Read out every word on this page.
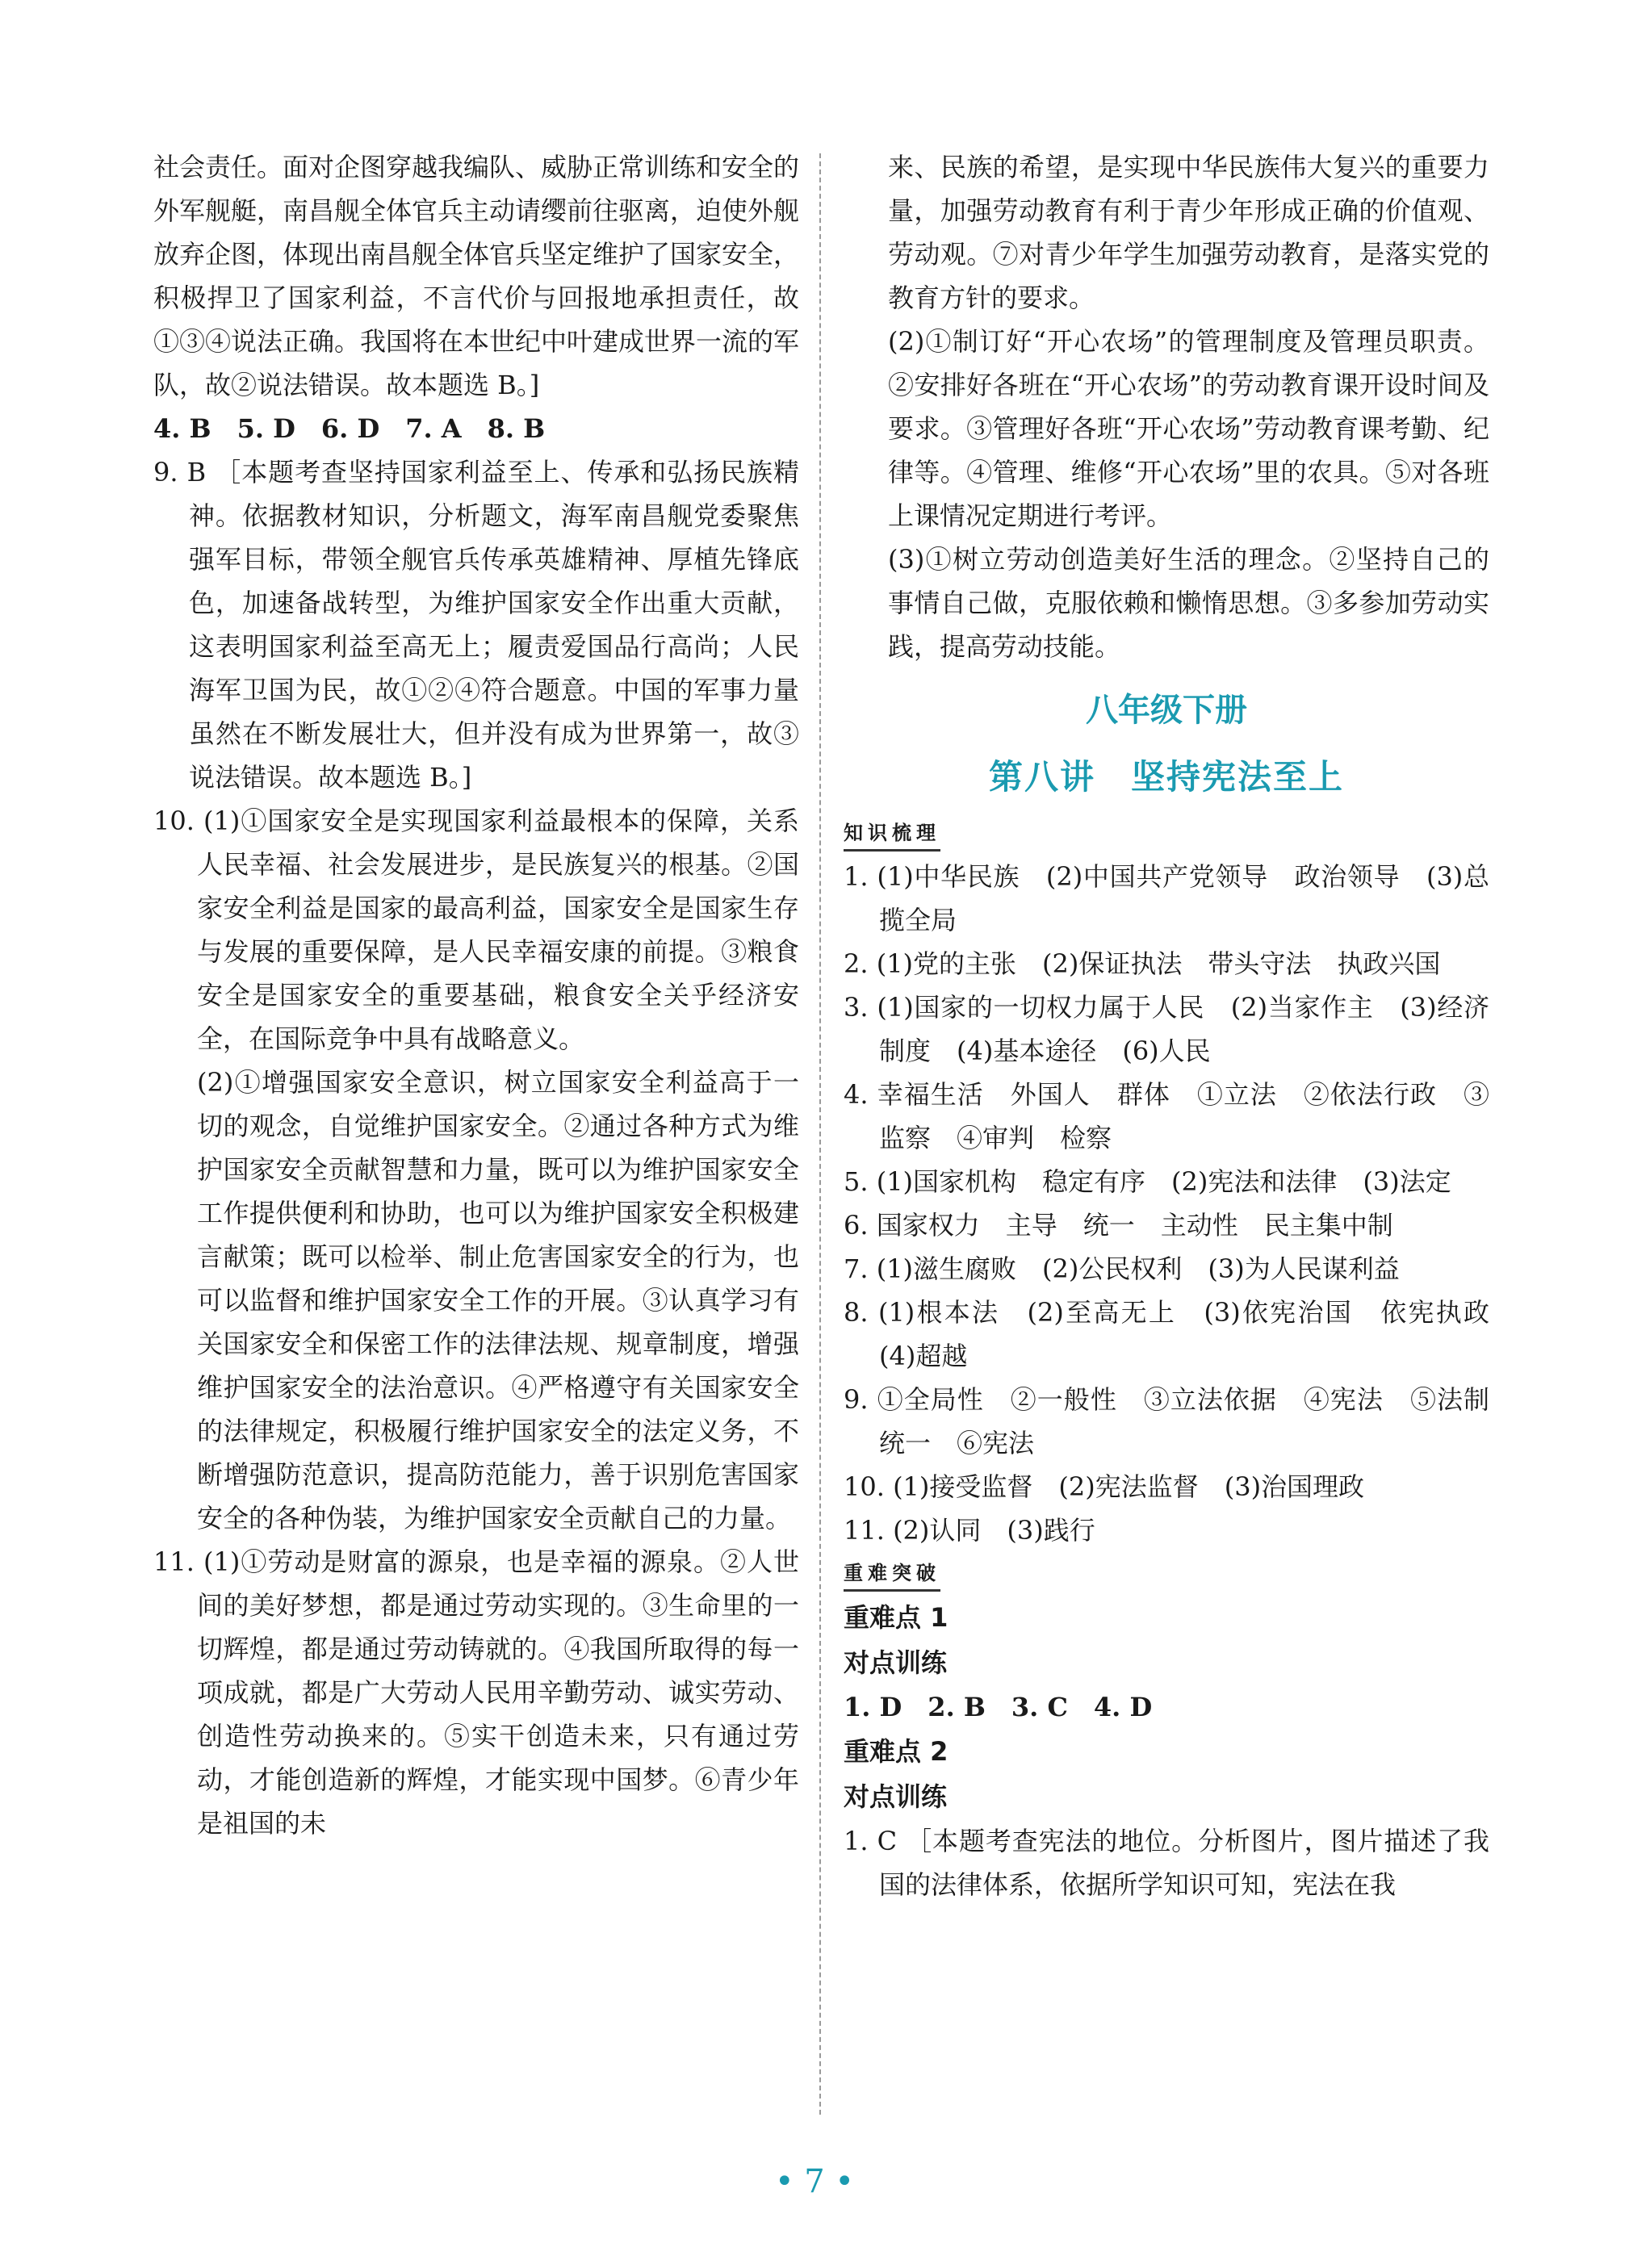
社会责任。面对企图穿越我编队、威胁正常训练和安全的外军舰艇，南昌舰全体官兵主动请缨前往驱离，迫使外舰放弃企图，体现出南昌舰全体官兵坚定维护了国家安全，积极捍卫了国家利益，不言代价与回报地承担责任，故①③④说法正确。我国将在本世纪中叶建成世界一流的军队，故②说法错误。故本题选 B。]

4. B　5. D　6. D　7. A　8. B

9. B ［本题考查坚持国家利益至上、传承和弘扬民族精神。依据教材知识，分析题文，海军南昌舰党委聚焦强军目标，带领全舰官兵传承英雄精神、厚植先锋底色，加速备战转型，为维护国家安全作出重大贡献，这表明国家利益至高无上；履责爱国品行高尚；人民海军卫国为民，故①②④符合题意。中国的军事力量虽然在不断发展壮大，但并没有成为世界第一，故③说法错误。故本题选 B。]

10. (1)①国家安全是实现国家利益最根本的保障，关系人民幸福、社会发展进步，是民族复兴的根基。②国家安全利益是国家的最高利益，国家安全是国家生存与发展的重要保障，是人民幸福安康的前提。③粮食安全是国家安全的重要基础，粮食安全关乎经济安全，在国际竞争中具有战略意义。

(2)①增强国家安全意识，树立国家安全利益高于一切的观念，自觉维护国家安全。②通过各种方式为维护国家安全贡献智慧和力量，既可以为维护国家安全工作提供便利和协助，也可以为维护国家安全积极建言献策；既可以检举、制止危害国家安全的行为，也可以监督和维护国家安全工作的开展。③认真学习有关国家安全和保密工作的法律法规、规章制度，增强维护国家安全的法治意识。④严格遵守有关国家安全的法律规定，积极履行维护国家安全的法定义务，不断增强防范意识，提高防范能力，善于识别危害国家安全的各种伪装，为维护国家安全贡献自己的力量。

11. (1)①劳动是财富的源泉，也是幸福的源泉。②人世间的美好梦想，都是通过劳动实现的。③生命里的一切辉煌，都是通过劳动铸就的。④我国所取得的每一项成就，都是广大劳动人民用辛勤劳动、诚实劳动、创造性劳动换来的。⑤实干创造未来，只有通过劳动，才能创造新的辉煌，才能实现中国梦。⑥青少年是祖国的未

来、民族的希望，是实现中华民族伟大复兴的重要力量，加强劳动教育有利于青少年形成正确的价值观、劳动观。⑦对青少年学生加强劳动教育，是落实党的教育方针的要求。

(2)①制订好“开心农场”的管理制度及管理员职责。②安排好各班在“开心农场”的劳动教育课开设时间及要求。③管理好各班“开心农场”劳动教育课考勤、纪律等。④管理、维修“开心农场”里的农具。⑤对各班上课情况定期进行考评。

(3)①树立劳动创造美好生活的理念。②坚持自己的事情自己做，克服依赖和懒惰思想。③多参加劳动实践，提高劳动技能。

八年级下册

第八讲　坚持宪法至上

知识梳理

1. (1)中华民族　(2)中国共产党领导　政治领导　(3)总揽全局

2. (1)党的主张　(2)保证执法　带头守法　执政兴国

3. (1)国家的一切权力属于人民　(2)当家作主　(3)经济制度　(4)基本途径　(6)人民

4. 幸福生活　外国人　群体　①立法　②依法行政　③监察　④审判　检察

5. (1)国家机构　稳定有序　(2)宪法和法律　(3)法定

6. 国家权力　主导　统一　主动性　民主集中制

7. (1)滋生腐败　(2)公民权利　(3)为人民谋利益

8. (1)根本法　(2)至高无上　(3)依宪治国　依宪执政　(4)超越

9. ①全局性　②一般性　③立法依据　④宪法　⑤法制统一　⑥宪法

10. (1)接受监督　(2)宪法监督　(3)治国理政

11. (2)认同　(3)践行

重难突破

重难点 1

对点训练

1. D　2. B　3. C　4. D

重难点 2

对点训练

1. C ［本题考查宪法的地位。分析图片，图片描述了我国的法律体系，依据所学知识可知，宪法在我

• 7 •
